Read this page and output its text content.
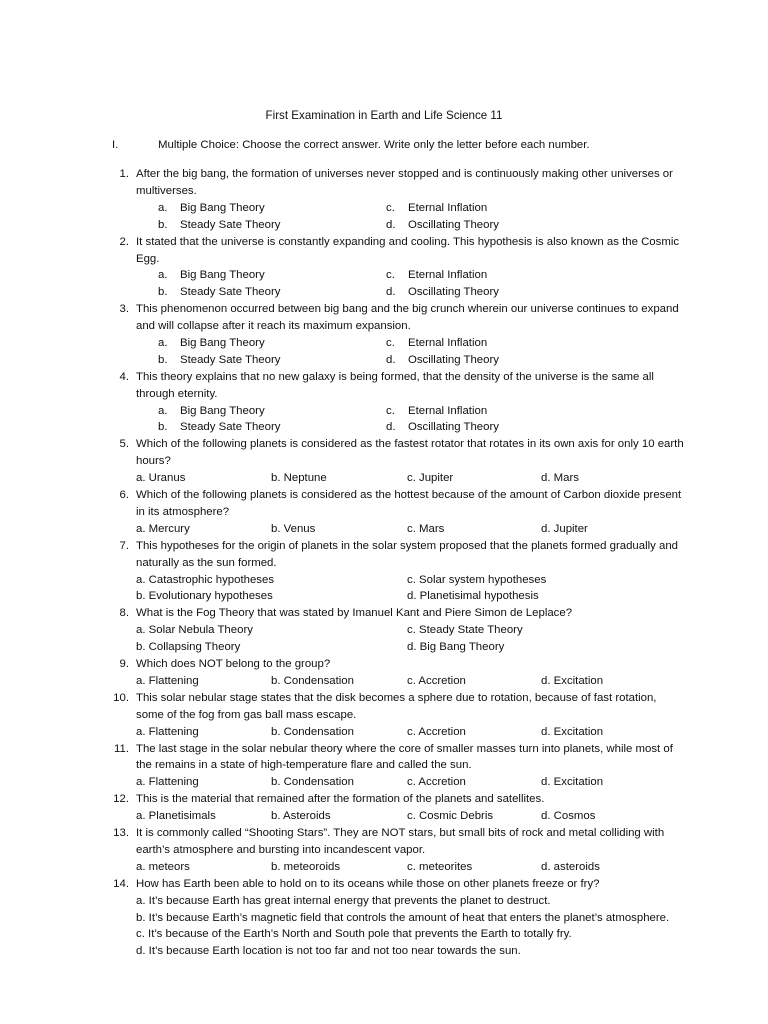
First Examination in Earth and Life Science 11
I.	Multiple Choice: Choose the correct answer. Write only the letter before each number.
1. After the big bang, the formation of universes never stopped and is continuously making other universes or multiverses.
a. Big Bang Theory	c. Eternal Inflation
b. Steady Sate Theory	d. Oscillating Theory
2. It stated that the universe is constantly expanding and cooling. This hypothesis is also known as the Cosmic Egg.
a. Big Bang Theory	c. Eternal Inflation
b. Steady Sate Theory	d. Oscillating Theory
3. This phenomenon occurred between big bang and the big crunch wherein our universe continues to expand and will collapse after it reach its maximum expansion.
a. Big Bang Theory	c. Eternal Inflation
b. Steady Sate Theory	d. Oscillating Theory
4. This theory explains that no new galaxy is being formed, that the density of the universe is the same all through eternity.
a. Big Bang Theory	c. Eternal Inflation
b. Steady Sate Theory	d. Oscillating Theory
5. Which of the following planets is considered as the fastest rotator that rotates in its own axis for only 10 earth hours?
a. Uranus	b. Neptune	c. Jupiter	d. Mars
6. Which of the following planets is considered as the hottest because of the amount of Carbon dioxide present in its atmosphere?
a. Mercury	b. Venus	c. Mars	d. Jupiter
7. This hypotheses for the origin of planets in the solar system proposed that the planets formed gradually and naturally as the sun formed.
a. Catastrophic hypotheses	c. Solar system hypotheses
b. Evolutionary hypotheses	d. Planetisimal hypothesis
8. What is the Fog Theory that was stated by Imanuel Kant and Piere Simon de Leplace?
a. Solar Nebula Theory	c. Steady State Theory
b. Collapsing Theory	d. Big Bang Theory
9. Which does NOT belong to the group?
a. Flattening	b. Condensation	c. Accretion	d. Excitation
10. This solar nebular stage states that the disk becomes a sphere due to rotation, because of fast rotation, some of the fog from gas ball mass escape.
a. Flattening	b. Condensation	c. Accretion	d. Excitation
11. The last stage in the solar nebular theory where the core of smaller masses turn into planets, while most of the remains in a state of high-temperature flare and called the sun.
a. Flattening	b. Condensation	c. Accretion	d. Excitation
12. This is the material that remained after the formation of the planets and satellites.
a. Planetisimals	b. Asteroids	c. Cosmic Debris	d. Cosmos
13. It is commonly called “Shooting Stars”. They are NOT stars, but small bits of rock and metal colliding with earth’s atmosphere and bursting into incandescent vapor.
a. meteors	b. meteoroids	c. meteorites	d. asteroids
14. How has Earth been able to hold on to its oceans while those on other planets freeze or fry?
a. It’s because Earth has great internal energy that prevents the planet to destruct.
b. It’s because Earth’s magnetic field that controls the amount of heat that enters the planet’s atmosphere.
c. It’s because of the Earth’s North and South pole that prevents the Earth to totally fry.
d. It’s because Earth location is not too far and not too near towards the sun.
